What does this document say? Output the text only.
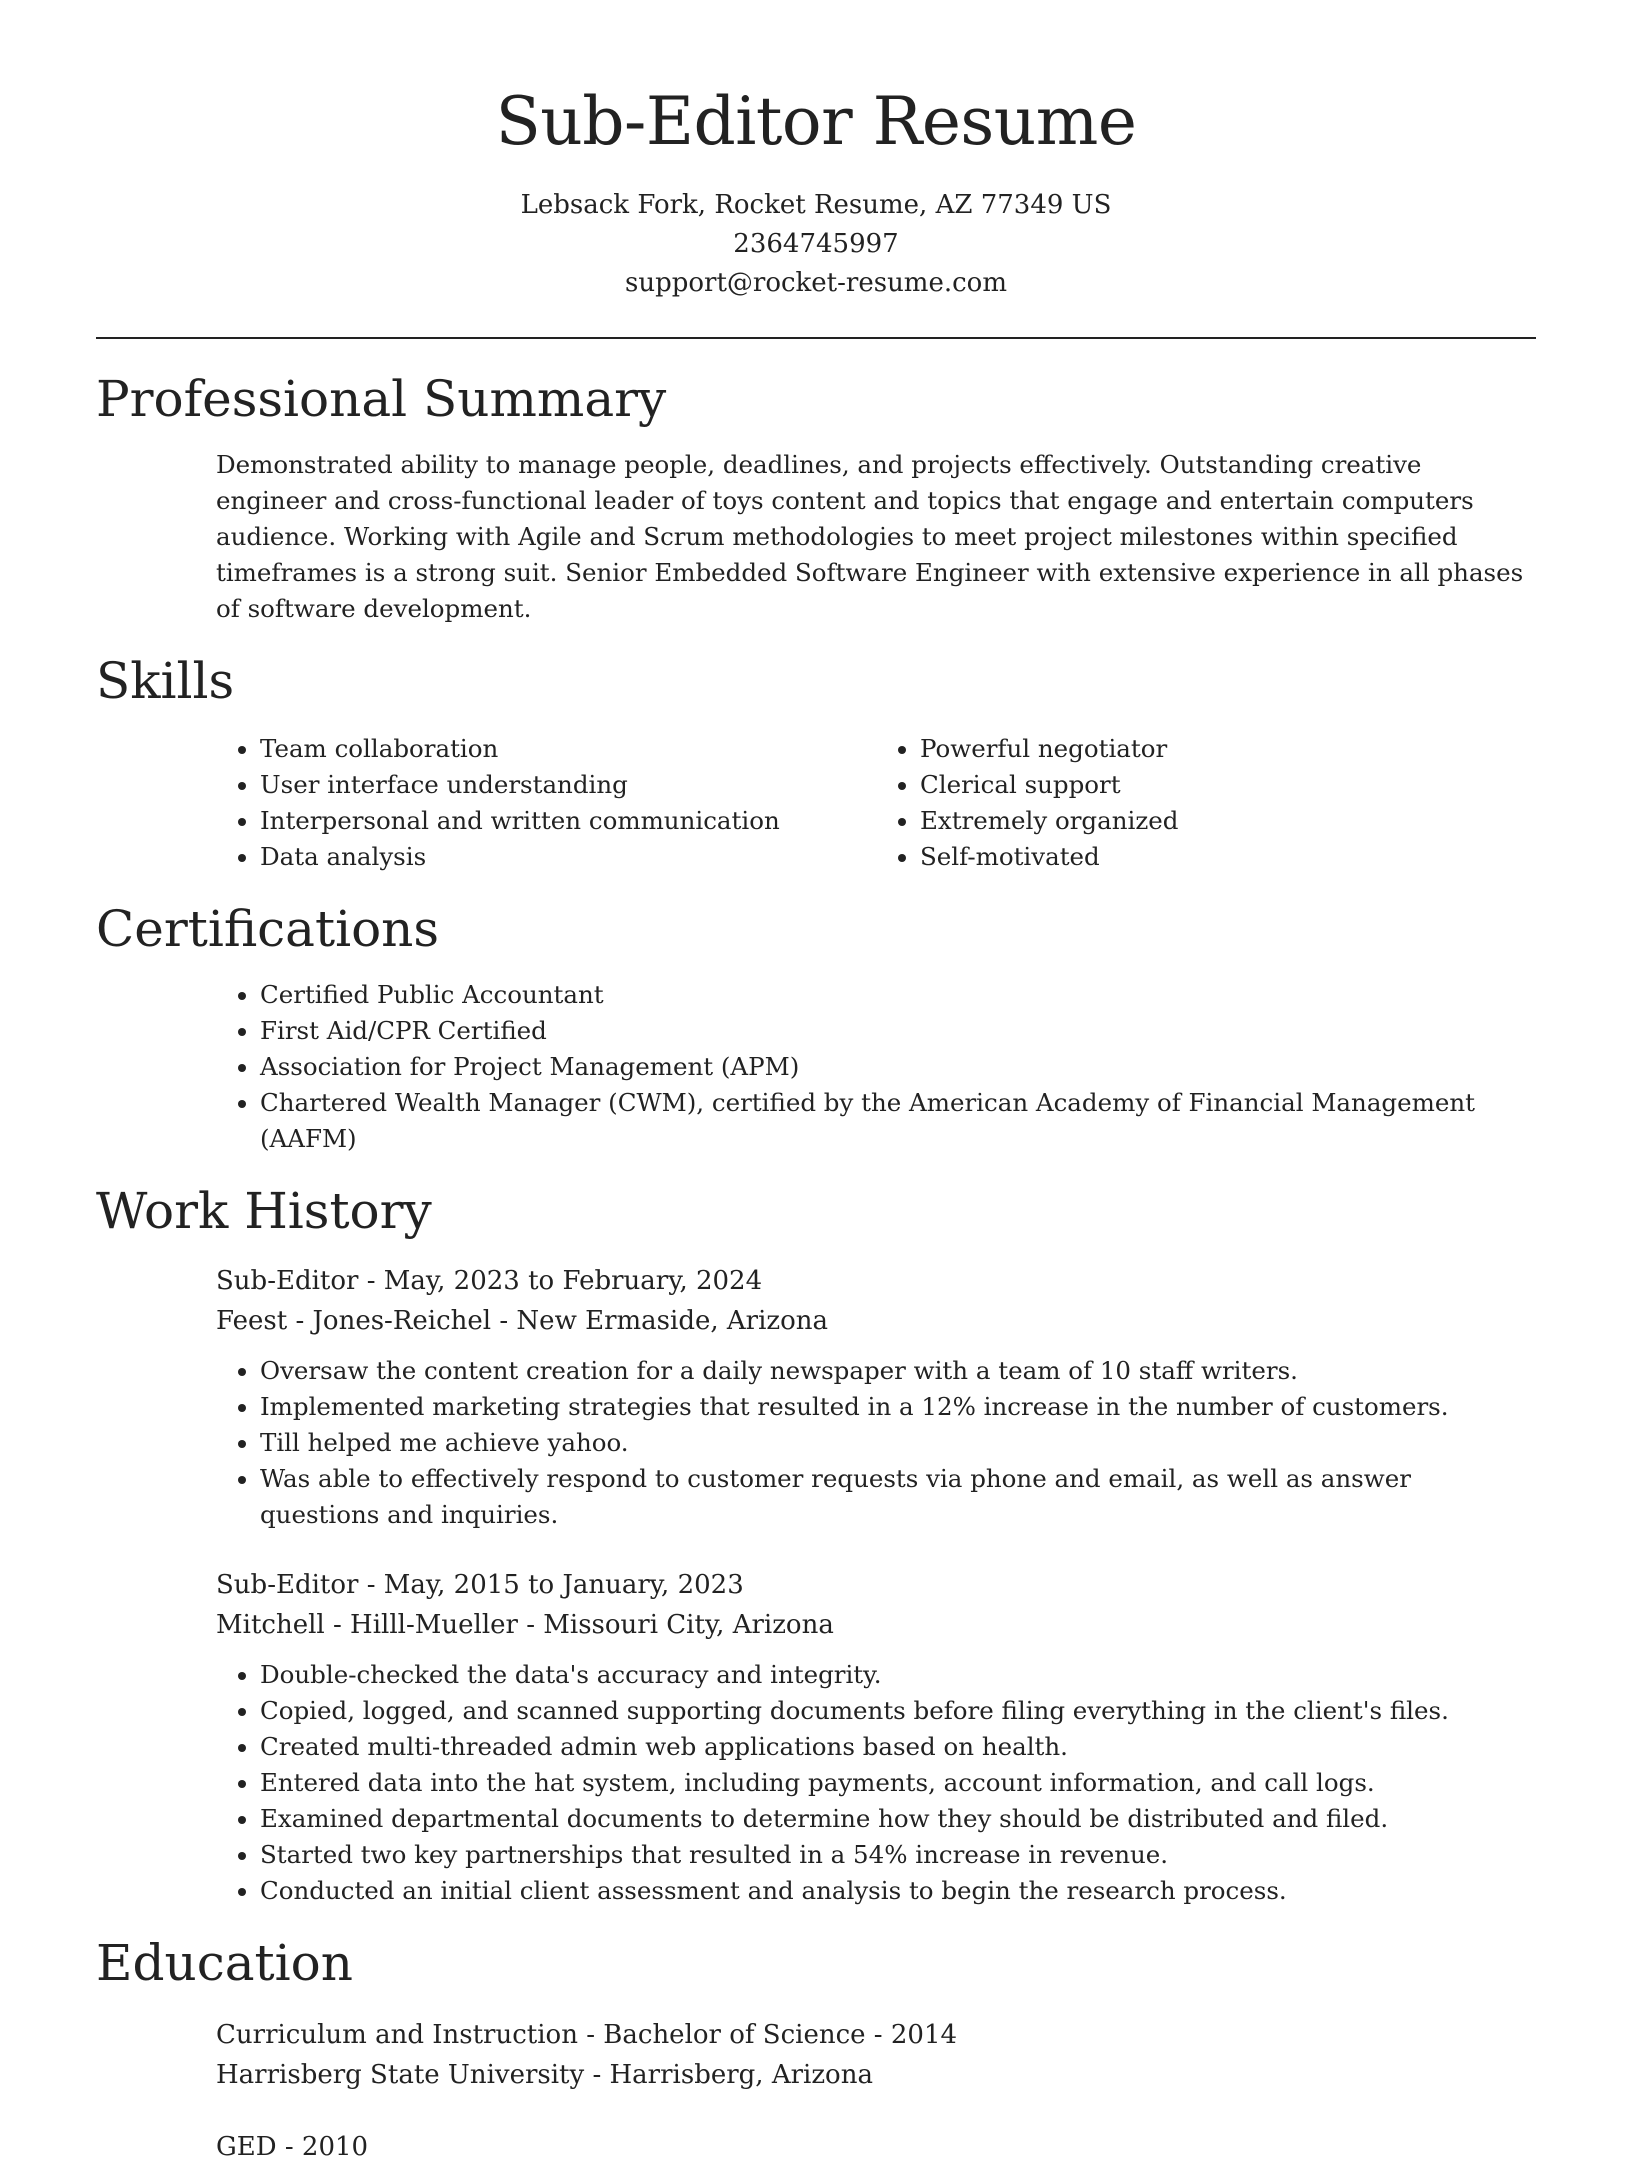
Sub-Editor Resume
Lebsack Fork, Rocket Resume, AZ 77349 US
2364745997
support@rocket-resume.com
Professional Summary
Demonstrated ability to manage people, deadlines, and projects effectively. Outstanding creative engineer and cross-functional leader of toys content and topics that engage and entertain computers audience. Working with Agile and Scrum methodologies to meet project milestones within specified timeframes is a strong suit. Senior Embedded Software Engineer with extensive experience in all phases of software development.
Skills
• Team collaboration
• User interface understanding
• Interpersonal and written communication
• Data analysis
• Powerful negotiator
• Clerical support
• Extremely organized
• Self-motivated
Certifications
• Certified Public Accountant
• First Aid/CPR Certified
• Association for Project Management (APM)
• Chartered Wealth Manager (CWM), certified by the American Academy of Financial Management (AAFM)
Work History
Sub-Editor - May, 2023 to February, 2024
Feest - Jones-Reichel - New Ermaside, Arizona
• Oversaw the content creation for a daily newspaper with a team of 10 staff writers.
• Implemented marketing strategies that resulted in a 12% increase in the number of customers.
• Till helped me achieve yahoo.
• Was able to effectively respond to customer requests via phone and email, as well as answer questions and inquiries.
Sub-Editor - May, 2015 to January, 2023
Mitchell - Hilll-Mueller - Missouri City, Arizona
• Double-checked the data's accuracy and integrity.
• Copied, logged, and scanned supporting documents before filing everything in the client's files.
• Created multi-threaded admin web applications based on health.
• Entered data into the hat system, including payments, account information, and call logs.
• Examined departmental documents to determine how they should be distributed and filed.
• Started two key partnerships that resulted in a 54% increase in revenue.
• Conducted an initial client assessment and analysis to begin the research process.
Education
Curriculum and Instruction - Bachelor of Science - 2014
Harrisberg State University - Harrisberg, Arizona
GED - 2010
